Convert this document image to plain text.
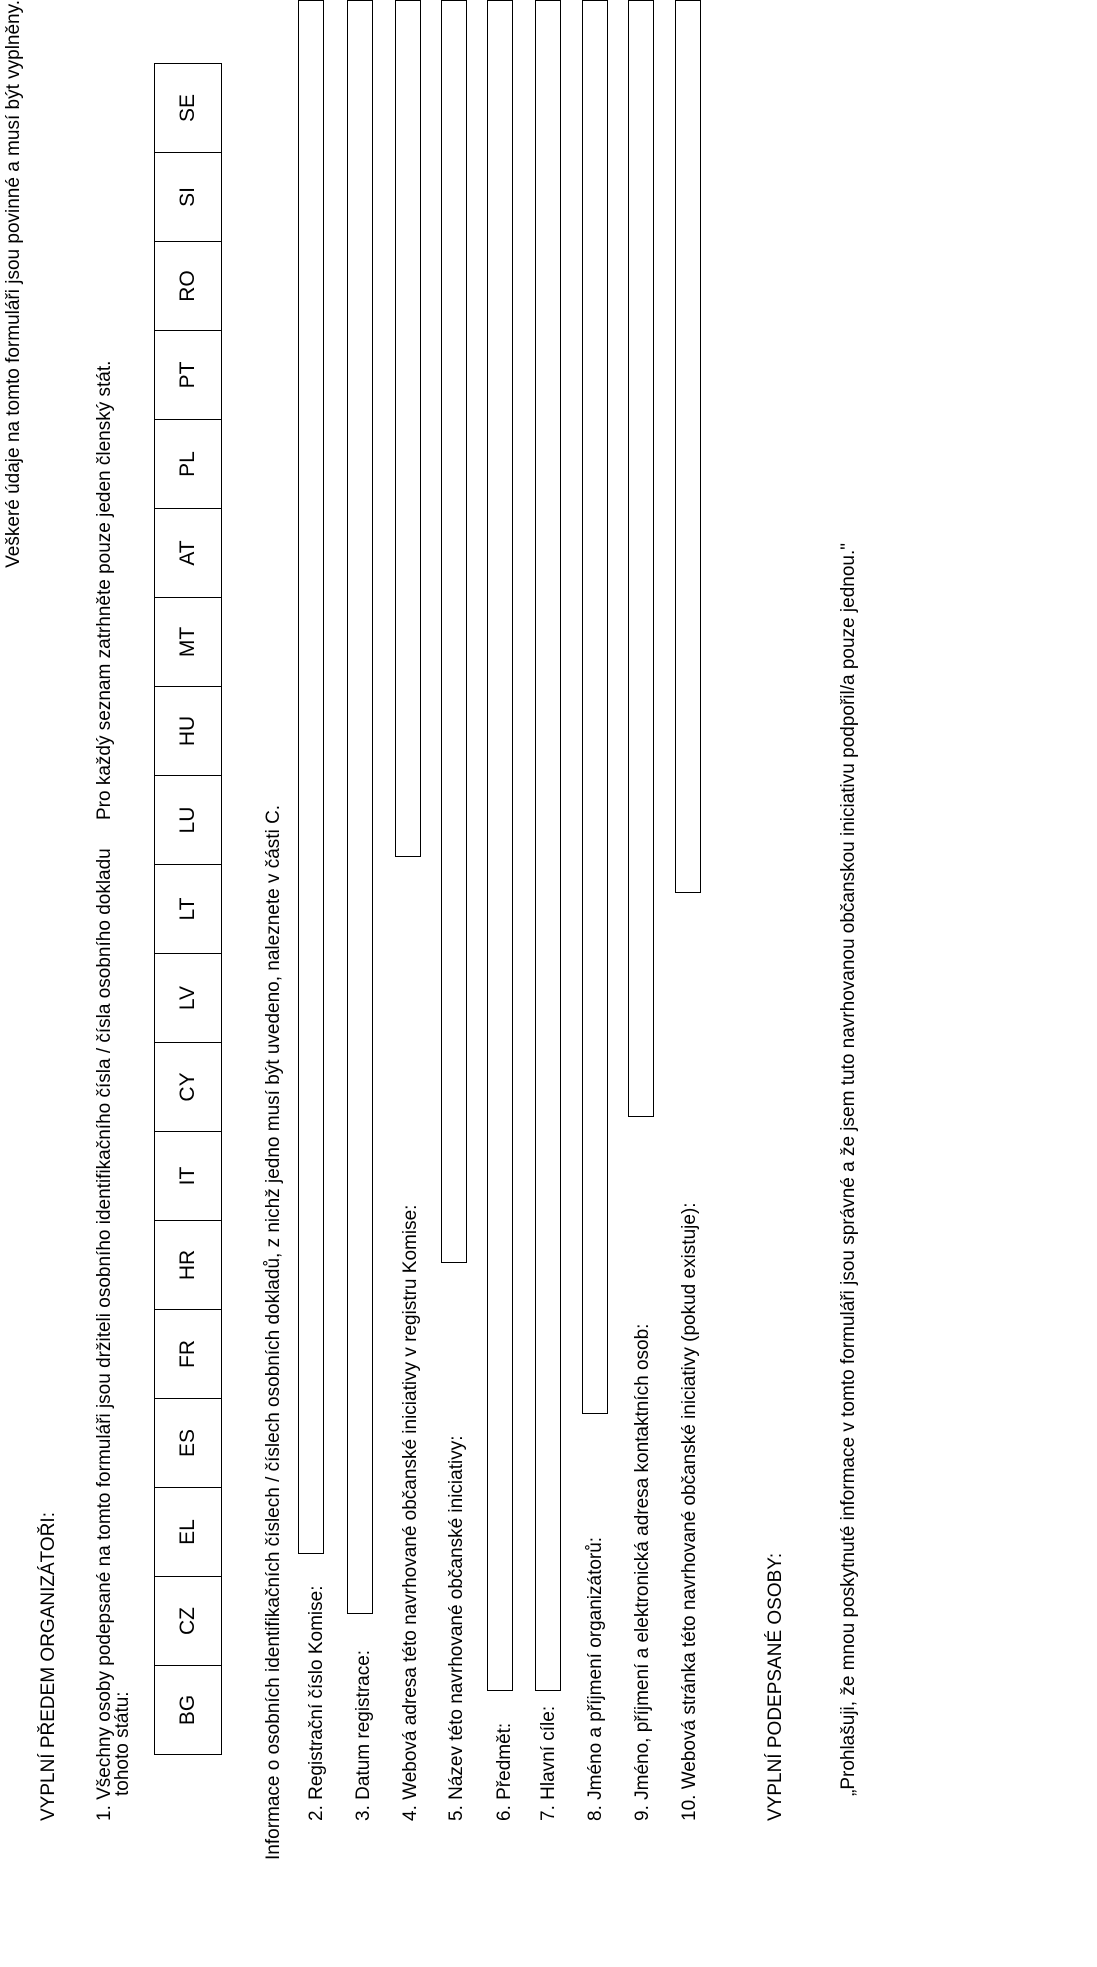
Veškeré údaje na tomto formuláři jsou povinné a musí být vyplněny.

VYPLNÍ PŘEDEM ORGANIZÁTOŘI: 1. Všechny osoby podepsané na tomto formuláři jsou držiteli osobního identifikačního čísla / čísla osobního dokladu

tohoto státu:

Pro každý seznam zatrhněte pouze jeden členský stát.

BG	CZ	EL	ES	FR	HR	IT	CY	LV	LT	LU	HU	MT	AT	PL	PT	RO	SI	SE

Informace o osobních identifikačních číslech / číslech osobních dokladů, z nichž jedno musí být uvedeno, naleznete v části C. 2. Registrační číslo Komise: 3. Datum registrace: 4. Webová adresa této navrhované občanské iniciativy v registru Komise: 5. Název této navrhované občanské iniciativy: 6. Předmět: 7. Hlavní cíle: 8. Jméno a příjmení organizátorů: 9. Jméno, příjmení a elektronická adresa kontaktních osob: 10. Webová stránka této navrhované občanské iniciativy (pokud existuje):	VYPLNÍ PODEPSANÉ OSOBY:	„Prohlašuji, že mnou poskytnuté informace v tomto formuláři jsou správné a že jsem tuto navrhovanou občanskou iniciativu podpořil/a pouze jednou."
